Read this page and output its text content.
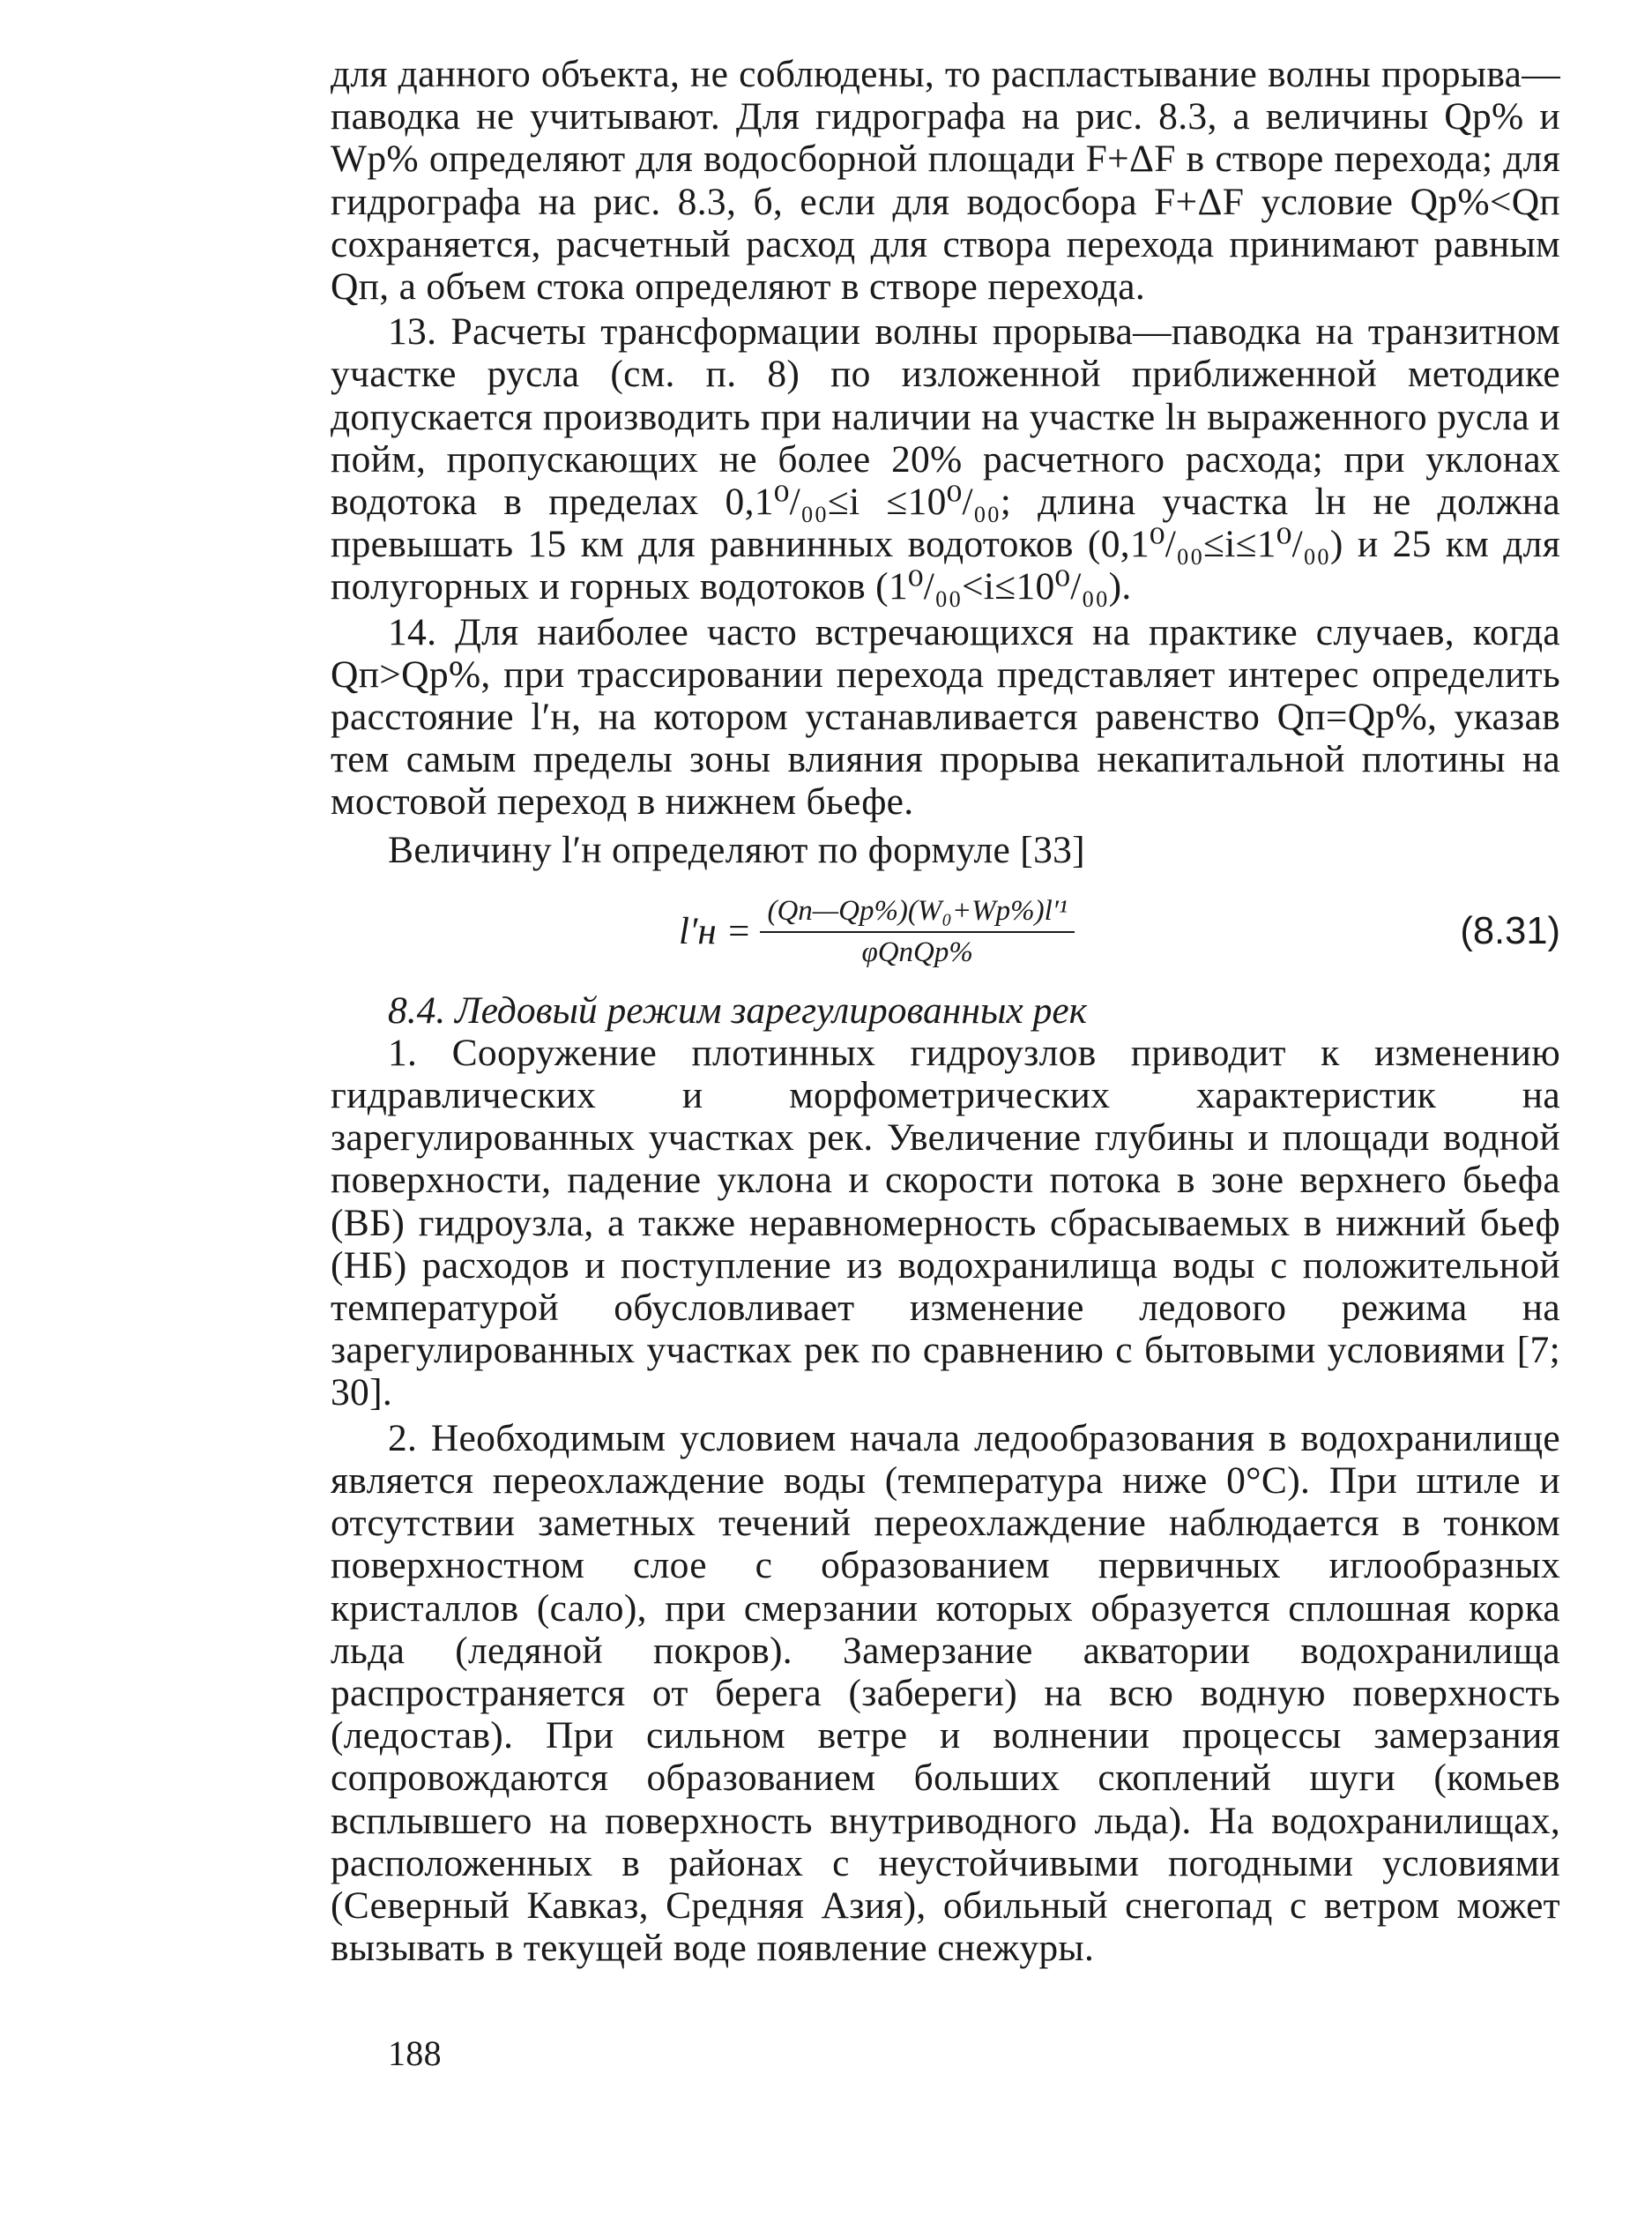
для данного объекта, не соблюдены, то распластывание волны прорыва—паводка не учитывают. Для гидрографа на рис. 8.3, а величины Qр% и Wр% определяют для водосборной площади F+ΔF в створе перехода; для гидрографа на рис. 8.3, б, если для водосбора F+ΔF условие Qр%<Qп сохраняется, расчетный расход для створа перехода принимают равным Qп, а объем стока определяют в створе перехода.

13. Расчеты трансформации волны прорыва—паводка на транзитном участке русла (см. п. 8) по изложенной приближенной методике допускается производить при наличии на участке lн выраженного русла и пойм, пропускающих не более 20% расчетного расхода; при уклонах водотока в пределах 0,1⁰/₀₀≤i ≤10⁰/₀₀; длина участка lн не должна превышать 15 км для равнинных водотоков (0,1⁰/₀₀≤i≤1⁰/₀₀) и 25 км для полугорных и горных водотоков (1⁰/₀₀<i≤10⁰/₀₀).

14. Для наиболее часто встречающихся на практике случаев, когда Qп>Qр%, при трассировании перехода представляет интерес определить расстояние l′н, на котором устанавливается равенство Qп=Qр%, указав тем самым пределы зоны влияния прорыва некапитальной плотины на мостовой переход в нижнем бьефе.

Величину l′н определяют по формуле [33]

$l'н = \frac{\text{(Qп—Qр\%)(W₀+Wр\%)l′¹}}{\text{φQпQр\%}}$	(8.31)
8.4. Ледовый режим зарегулированных рек

1. Сооружение плотинных гидроузлов приводит к изменению гидравлических и морфометрических характеристик на зарегулированных участках рек. Увеличение глубины и площади водной поверхности, падение уклона и скорости потока в зоне верхнего бьефа (ВБ) гидроузла, а также неравномерность сбрасываемых в нижний бьеф (НБ) расходов и поступление из водохранилища воды с положительной температурой обусловливает изменение ледового режима на зарегулированных участках рек по сравнению с бытовыми условиями [7; 30].

2. Необходимым условием начала ледообразования в водохранилище является переохлаждение воды (температура ниже 0°С). При штиле и отсутствии заметных течений переохлаждение наблюдается в тонком поверхностном слое с образованием первичных иглообразных кристаллов (сало), при смерзании которых образуется сплошная корка льда (ледяной покров). Замерзание акватории водохранилища распространяется от берега (забереги) на всю водную поверхность (ледостав). При сильном ветре и волнении процессы замерзания сопровождаются образованием больших скоплений шуги (комьев всплывшего на поверхность внутриводного льда). На водохранилищах, расположенных в районах с неустойчивыми погодными условиями (Северный Кавказ, Средняя Азия), обильный снегопад с ветром может вызывать в текущей воде появление снежуры.

188
